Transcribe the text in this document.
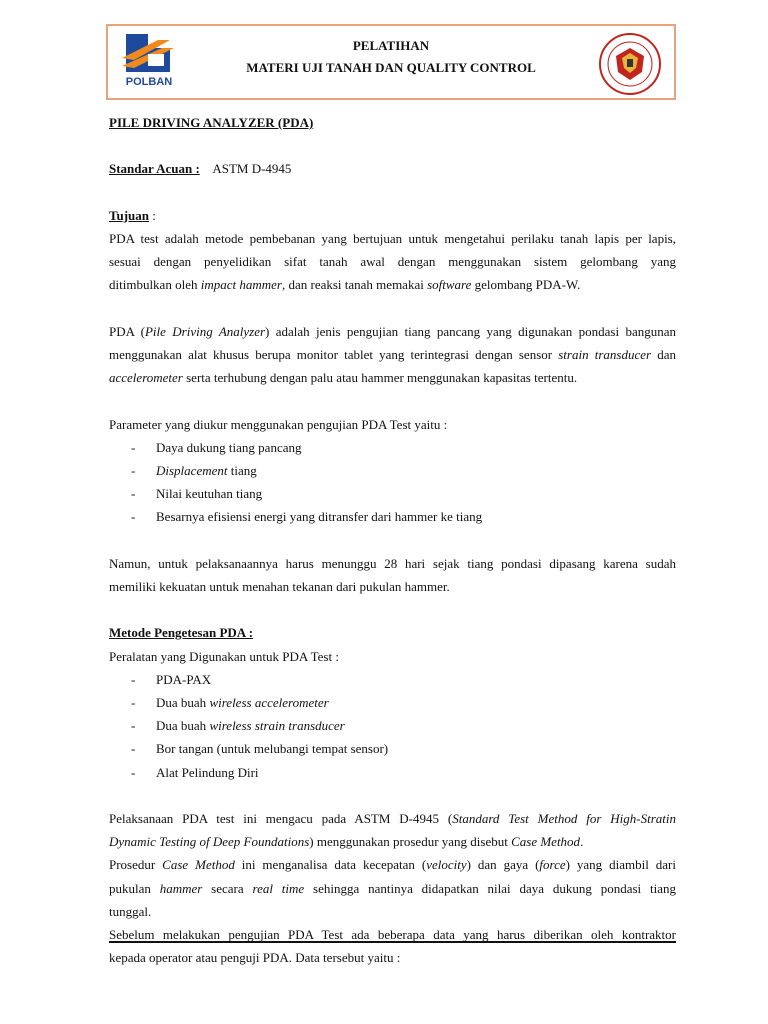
POLBAN
PELATIHAN
MATERI UJI TANAH DAN QUALITY CONTROL

PILE DRIVING ANALYZER (PDA)

Standar Acuan : ASTM D-4945

Tujuan :

PDA test adalah metode pembebanan yang bertujuan untuk mengetahui perilaku tanah lapis per lapis,

sesuai dengan penyelidikan sifat tanah awal dengan menggunakan sistem gelombang yang

ditimbulkan oleh impact hammer, dan reaksi tanah memakai software gelombang PDA-W.

PDA (Pile Driving Analyzer) adalah jenis pengujian tiang pancang yang digunakan pondasi bangunan

menggunakan alat khusus berupa monitor tablet yang terintegrasi dengan sensor strain transducer dan

accelerometer serta terhubung dengan palu atau hammer menggunakan kapasitas tertentu.

Parameter yang diukur menggunakan pengujian PDA Test yaitu :

- Daya dukung tiang pancang

- Displacement tiang

- Nilai keutuhan tiang

- Besarnya efisiensi energi yang ditransfer dari hammer ke tiang

Namun, untuk pelaksanaannya harus menunggu 28 hari sejak tiang pondasi dipasang karena sudah

memiliki kekuatan untuk menahan tekanan dari pukulan hammer.

Metode Pengetesan PDA :

Peralatan yang Digunakan untuk PDA Test :

- PDA-PAX

- Dua buah wireless accelerometer

- Dua buah wireless strain transducer

- Bor tangan (untuk melubangi tempat sensor)

- Alat Pelindung Diri

Pelaksanaan PDA test ini mengacu pada ASTM D-4945 (Standard Test Method for High-Stratin

Dynamic Testing of Deep Foundations) menggunakan prosedur yang disebut Case Method.

Prosedur Case Method ini menganalisa data kecepatan (velocity) dan gaya (force) yang diambil dari

pukulan hammer secara real time sehingga nantinya didapatkan nilai daya dukung pondasi tiang

tunggal.

Sebelum melakukan pengujian PDA Test ada beberapa data yang harus diberikan oleh kontraktor

kepada operator atau penguji PDA. Data tersebut yaitu :
